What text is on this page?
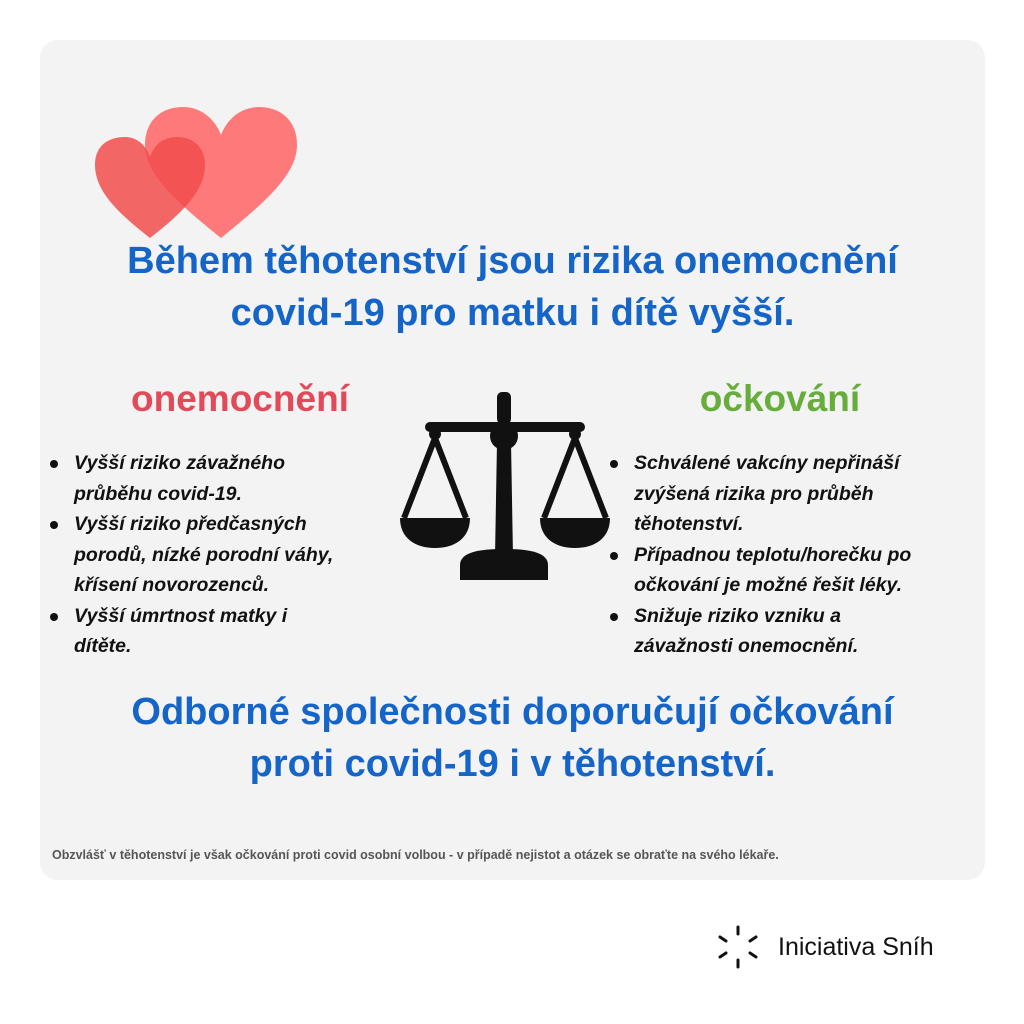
Během těhotenství jsou rizika onemocnění
covid-19 pro matku i dítě vyšší.
onemocnění	očkování
Vyšší riziko závažného
průběhu covid-19.
Vyšší riziko předčasných
porodů, nízké porodní váhy,
křísení novorozenců.
Vyšší úmrtnost matky i
dítěte.
Schválené vakcíny nepřináší
zvýšená rizika pro průběh
těhotenství.
Případnou teplotu/horečku po
očkování je možné řešit léky.
Snižuje riziko vzniku a
závažnosti onemocnění.
Odborné společnosti doporučují očkování
proti covid-19 i v těhotenství.

Obzvlášť v těhotenství je však očkování proti covid osobní volbou - v případě nejistot a otázek se obraťte na svého lékaře.

Iniciativa Sníh
